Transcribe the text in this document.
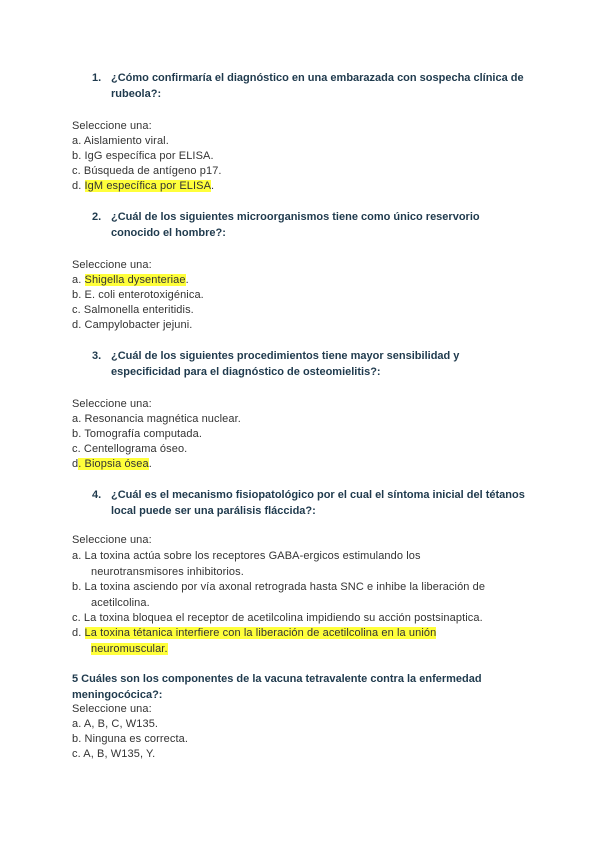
1. ¿Cómo confirmaría el diagnóstico en una embarazada con sospecha clínica de rubeola?:
Seleccione una:
a. Aislamiento viral.
b. IgG específica por ELISA.
c. Búsqueda de antígeno p17.
d. IgM específica por ELISA.
2. ¿Cuál de los siguientes microorganismos tiene como único reservorio conocido el hombre?:
Seleccione una:
a. Shigella dysenteriae.
b. E. coli enterotoxigénica.
c. Salmonella enteritidis.
d. Campylobacter jejuni.
3. ¿Cuál de los siguientes procedimientos tiene mayor sensibilidad y especificidad para el diagnóstico de osteomielitis?:
Seleccione una:
a. Resonancia magnética nuclear.
b. Tomografía computada.
c. Centellograma óseo.
d. Biopsia ósea.
4. ¿Cuál es el mecanismo fisiopatológico por el cual el síntoma inicial del tétanos local puede ser una parálisis fláccida?:
Seleccione una:
a. La toxina actúa sobre los receptores GABA-ergicos estimulando los
neurotransmisores inhibitorios.
b. La toxina asciendo por vía axonal retrograda hasta SNC e inhibe la liberación de
acetilcolina.
c. La toxina bloquea el receptor de acetilcolina impidiendo su acción postsinaptica.
d. La toxina tétanica interfiere con la liberación de acetilcolina en la unión
neuromuscular.
5 Cuáles son los componentes de la vacuna tetravalente contra la enfermedad meningocócica?:
Seleccione una:
a. A, B, C, W135.
b. Ninguna es correcta.
c. A, B, W135, Y.
